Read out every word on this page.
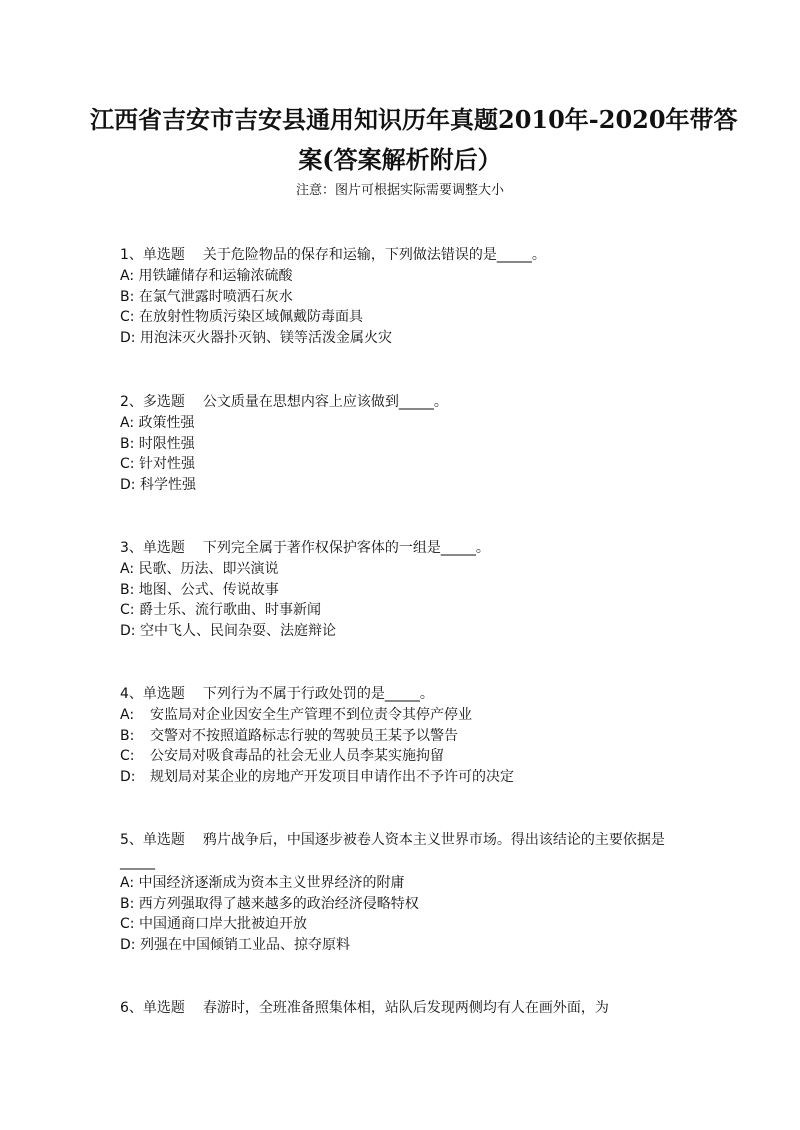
江西省吉安市吉安县通用知识历年真题2010年-2020年带答
案(答案解析附后）
注意：图片可根据实际需要调整大小
1、单选题 关于危险物品的保存和运输，下列做法错误的是_____。
A: 用铁罐储存和运输浓硫酸
B: 在氯气泄露时喷洒石灰水
C: 在放射性物质污染区域佩戴防毒面具
D: 用泡沫灭火器扑灭钠、镁等活泼金属火灾
2、多选题 公文质量在思想内容上应该做到_____。
A: 政策性强
B: 时限性强
C: 针对性强
D: 科学性强
3、单选题 下列完全属于著作权保护客体的一组是_____。
A: 民歌、历法、即兴演说
B: 地图、公式、传说故事
C: 爵士乐、流行歌曲、时事新闻
D: 空中飞人、民间杂耍、法庭辩论
4、单选题 下列行为不属于行政处罚的是_____。
A: 安监局对企业因安全生产管理不到位责令其停产停业
B: 交警对不按照道路标志行驶的驾驶员王某予以警告
C: 公安局对吸食毒品的社会无业人员李某实施拘留
D: 规划局对某企业的房地产开发项目申请作出不予许可的决定
5、单选题 鸦片战争后，中国逐步被卷人资本主义世界市场。得出该结论的主要依据是_____
A: 中国经济逐渐成为资本主义世界经济的附庸
B: 西方列强取得了越来越多的政治经济侵略特权
C: 中国通商口岸大批被迫开放
D: 列强在中国倾销工业品、掠夺原料
6、单选题 春游时，全班准备照集体相，站队后发现两侧均有人在画外面，为
